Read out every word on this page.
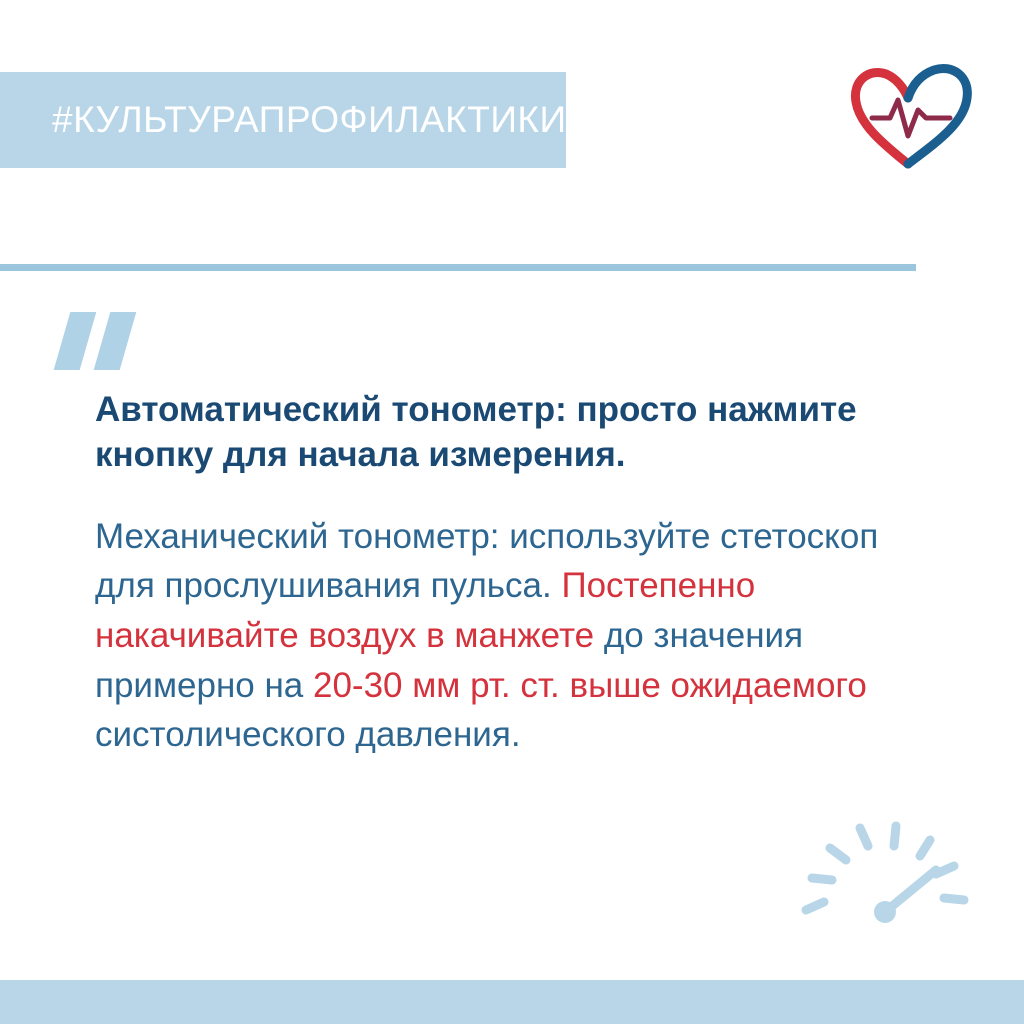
#КУЛЬТУРАПРОФИЛАКТИКИ

Автоматический тонометр: просто нажмите кнопку для начала измерения.

Механический тонометр: используйте стетоскоп для прослушивания пульса. Постепенно накачивайте воздух в манжете до значения примерно на 20-30 мм рт. ст. выше ожидаемого систолического давления.
